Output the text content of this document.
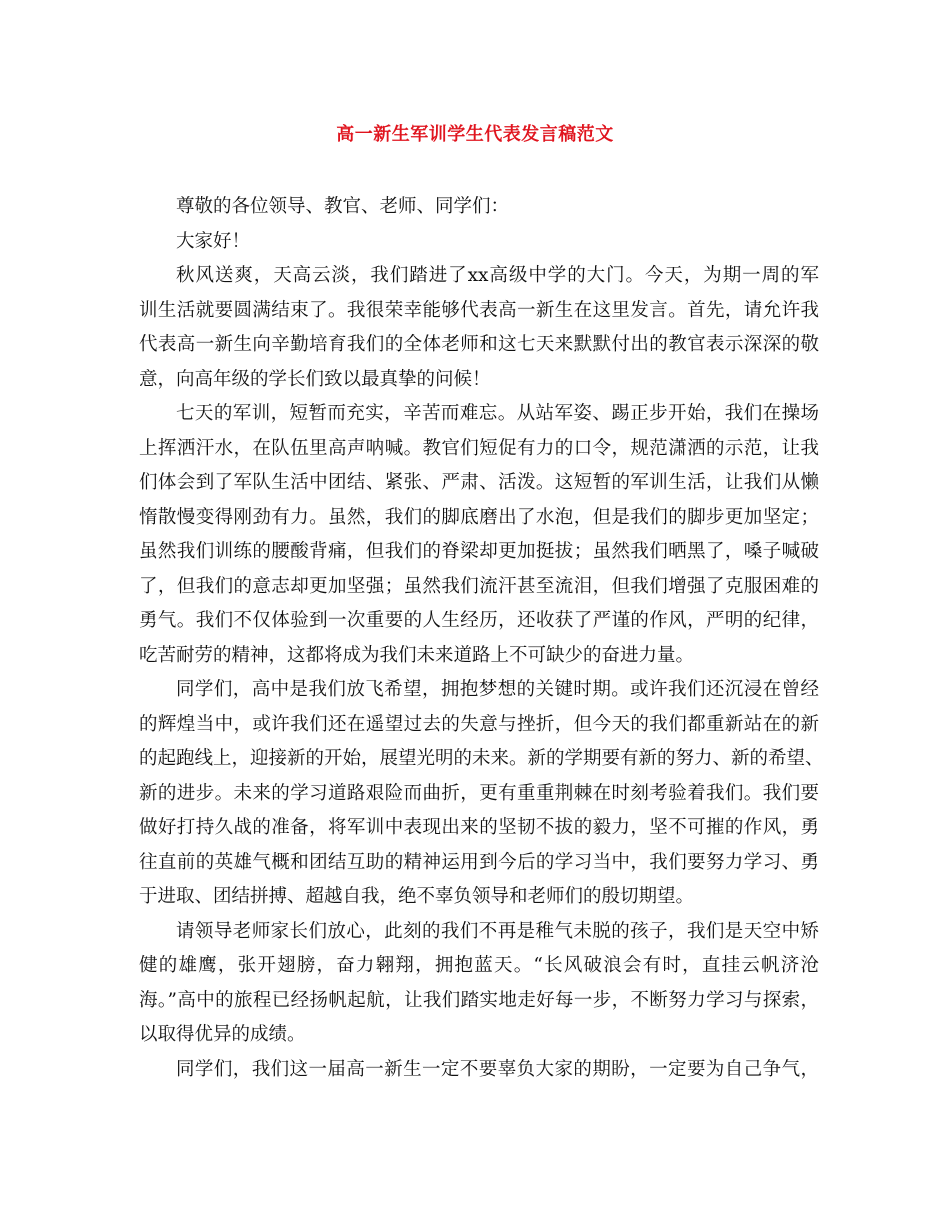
高一新生军训学生代表发言稿范文
尊敬的各位领导、教官、老师、同学们：
大家好！
秋风送爽，天高云淡，我们踏进了xx高级中学的大门。今天，为期一周的军
训生活就要圆满结束了。我很荣幸能够代表高一新生在这里发言。首先，请允许我
代表高一新生向辛勤培育我们的全体老师和这七天来默默付出的教官表示深深的敬
意，向高年级的学长们致以最真挚的问候！
七天的军训，短暂而充实，辛苦而难忘。从站军姿、踢正步开始，我们在操场
上挥洒汗水，在队伍里高声呐喊。教官们短促有力的口令，规范潇洒的示范，让我
们体会到了军队生活中团结、紧张、严肃、活泼。这短暂的军训生活，让我们从懒
惰散慢变得刚劲有力。虽然，我们的脚底磨出了水泡，但是我们的脚步更加坚定；
虽然我们训练的腰酸背痛，但我们的脊梁却更加挺拔；虽然我们晒黑了，嗓子喊破
了，但我们的意志却更加坚强；虽然我们流汗甚至流泪，但我们增强了克服困难的
勇气。我们不仅体验到一次重要的人生经历，还收获了严谨的作风，严明的纪律，
吃苦耐劳的精神，这都将成为我们未来道路上不可缺少的奋进力量。
同学们，高中是我们放飞希望，拥抱梦想的关键时期。或许我们还沉浸在曾经
的辉煌当中，或许我们还在遥望过去的失意与挫折，但今天的我们都重新站在的新
的起跑线上，迎接新的开始，展望光明的未来。新的学期要有新的努力、新的希望、
新的进步。未来的学习道路艰险而曲折，更有重重荆棘在时刻考验着我们。我们要
做好打持久战的准备，将军训中表现出来的坚韧不拔的毅力，坚不可摧的作风，勇
往直前的英雄气概和团结互助的精神运用到今后的学习当中，我们要努力学习、勇
于进取、团结拼搏、超越自我，绝不辜负领导和老师们的殷切期望。
请领导老师家长们放心，此刻的我们不再是稚气未脱的孩子，我们是天空中矫
健的雄鹰，张开翅膀，奋力翱翔，拥抱蓝天。“长风破浪会有时，直挂云帆济沧
海。”高中的旅程已经扬帆起航，让我们踏实地走好每一步，不断努力学习与探索，
以取得优异的成绩。
同学们，我们这一届高一新生一定不要辜负大家的期盼，一定要为自己争气，
